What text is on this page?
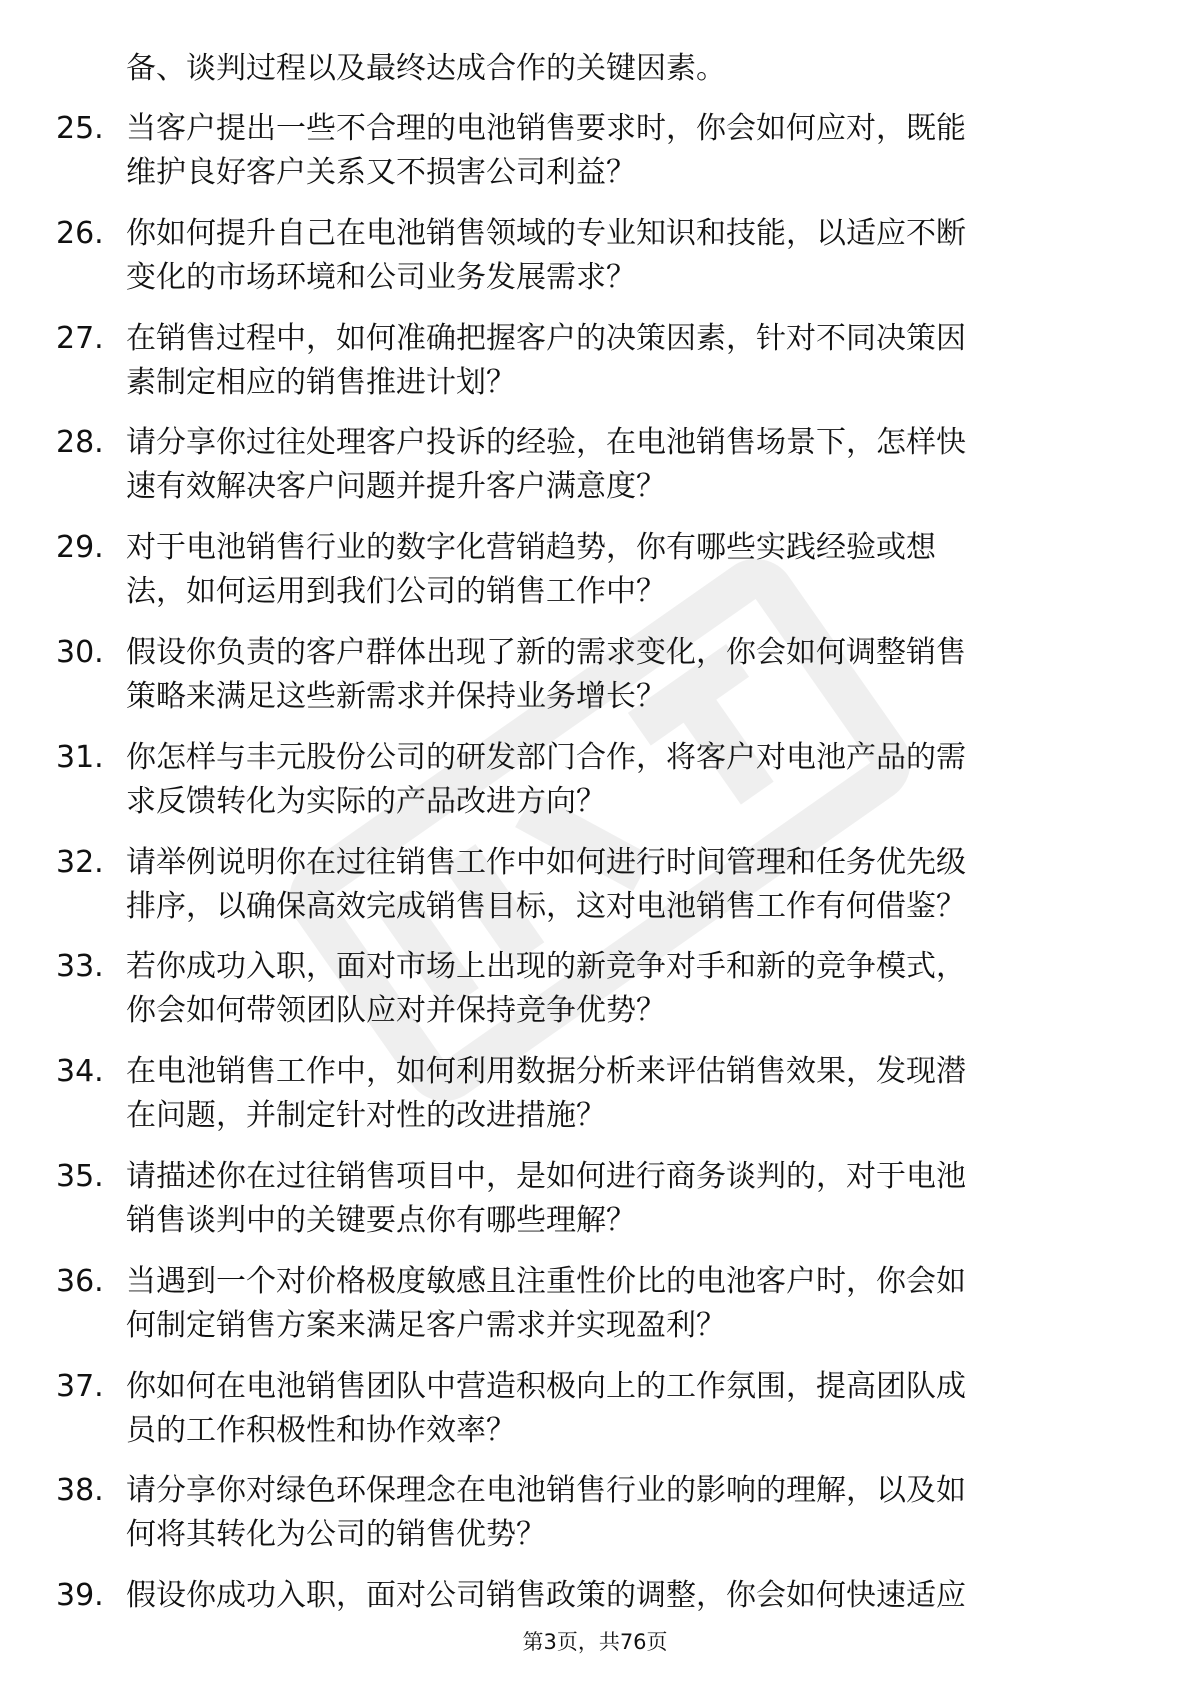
备、谈判过程以及最终达成合作的关键因素。
25. 当客户提出一些不合理的电池销售要求时，你会如何应对，既能
维护良好客户关系又不损害公司利益？
26. 你如何提升自己在电池销售领域的专业知识和技能，以适应不断
变化的市场环境和公司业务发展需求？
27. 在销售过程中，如何准确把握客户的决策因素，针对不同决策因
素制定相应的销售推进计划？
28. 请分享你过往处理客户投诉的经验，在电池销售场景下，怎样快
速有效解决客户问题并提升客户满意度？
29. 对于电池销售行业的数字化营销趋势，你有哪些实践经验或想
法，如何运用到我们公司的销售工作中？
30. 假设你负责的客户群体出现了新的需求变化，你会如何调整销售
策略来满足这些新需求并保持业务增长？
31. 你怎样与丰元股份公司的研发部门合作，将客户对电池产品的需
求反馈转化为实际的产品改进方向？
32. 请举例说明你在过往销售工作中如何进行时间管理和任务优先级
排序，以确保高效完成销售目标，这对电池销售工作有何借鉴？
33. 若你成功入职，面对市场上出现的新竞争对手和新的竞争模式，
你会如何带领团队应对并保持竞争优势？
34. 在电池销售工作中，如何利用数据分析来评估销售效果，发现潜
在问题，并制定针对性的改进措施？
35. 请描述你在过往销售项目中，是如何进行商务谈判的，对于电池
销售谈判中的关键要点你有哪些理解？
36. 当遇到一个对价格极度敏感且注重性价比的电池客户时，你会如
何制定销售方案来满足客户需求并实现盈利？
37. 你如何在电池销售团队中营造积极向上的工作氛围，提高团队成
员的工作积极性和协作效率？
38. 请分享你对绿色环保理念在电池销售行业的影响的理解，以及如
何将其转化为公司的销售优势？
39. 假设你成功入职，面对公司销售政策的调整，你会如何快速适应
第3页，共76页
